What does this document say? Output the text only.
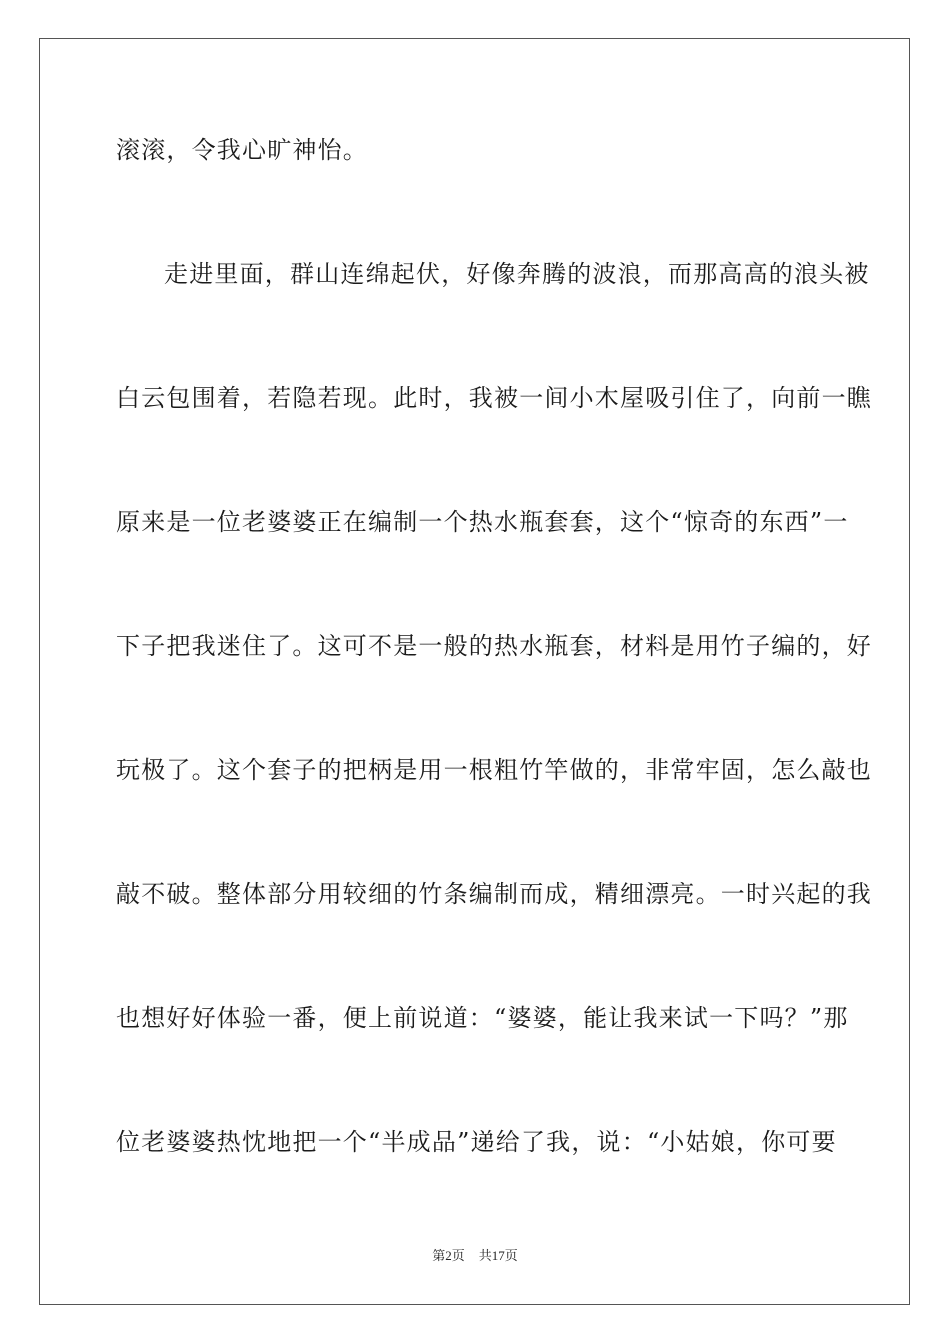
滚滚，令我心旷神怡。
走进里面，群山连绵起伏，好像奔腾的波浪，而那高高的浪头被
白云包围着，若隐若现。此时，我被一间小木屋吸引住了，向前一瞧
原来是一位老婆婆正在编制一个热水瓶套套，这个“惊奇的东西”一
下子把我迷住了。这可不是一般的热水瓶套，材料是用竹子编的，好
玩极了。这个套子的把柄是用一根粗竹竿做的，非常牢固，怎么敲也
敲不破。整体部分用较细的竹条编制而成，精细漂亮。一时兴起的我
也想好好体验一番，便上前说道：“婆婆，能让我来试一下吗？”那
位老婆婆热忱地把一个“半成品”递给了我，说：“小姑娘，你可要
第2页 共17页
